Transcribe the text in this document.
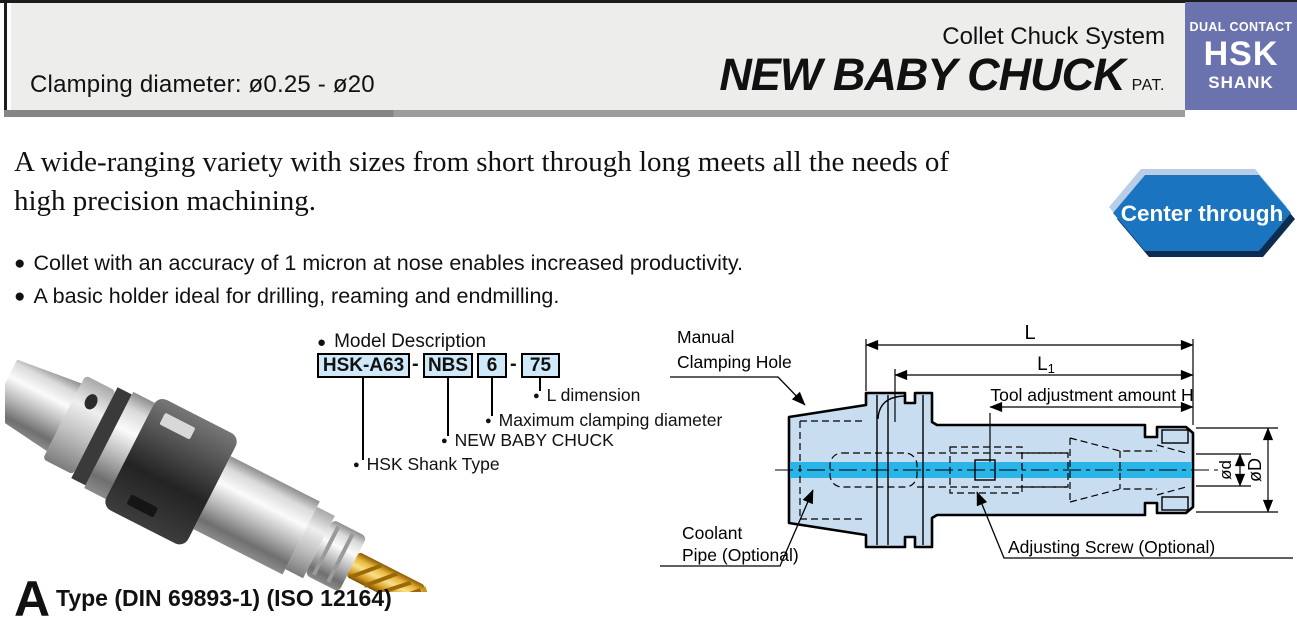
Clamping diameter: ø0.25 - ø20
Collet Chuck System
NEW BABY CHUCK PAT.
DUAL CONTACT
HSK
SHANK
A wide-ranging variety with sizes from short through long meets all the needs of
high precision machining.
● Collet with an accuracy of 1 micron at nose enables increased productivity.
● A basic holder ideal for drilling, reaming and endmilling.
Center through
● Model Description
HSK-A63 - NBS 6 - 75
● L dimension
● Maximum clamping diameter
● NEW BABY CHUCK
● HSK Shank Type
L
L1
Tool adjustment amount H
ød øD
Manual
Clamping Hole
Coolant
Pipe (Optional)	Adjusting Screw (Optional)
A Type (DIN 69893-1) (ISO 12164)
